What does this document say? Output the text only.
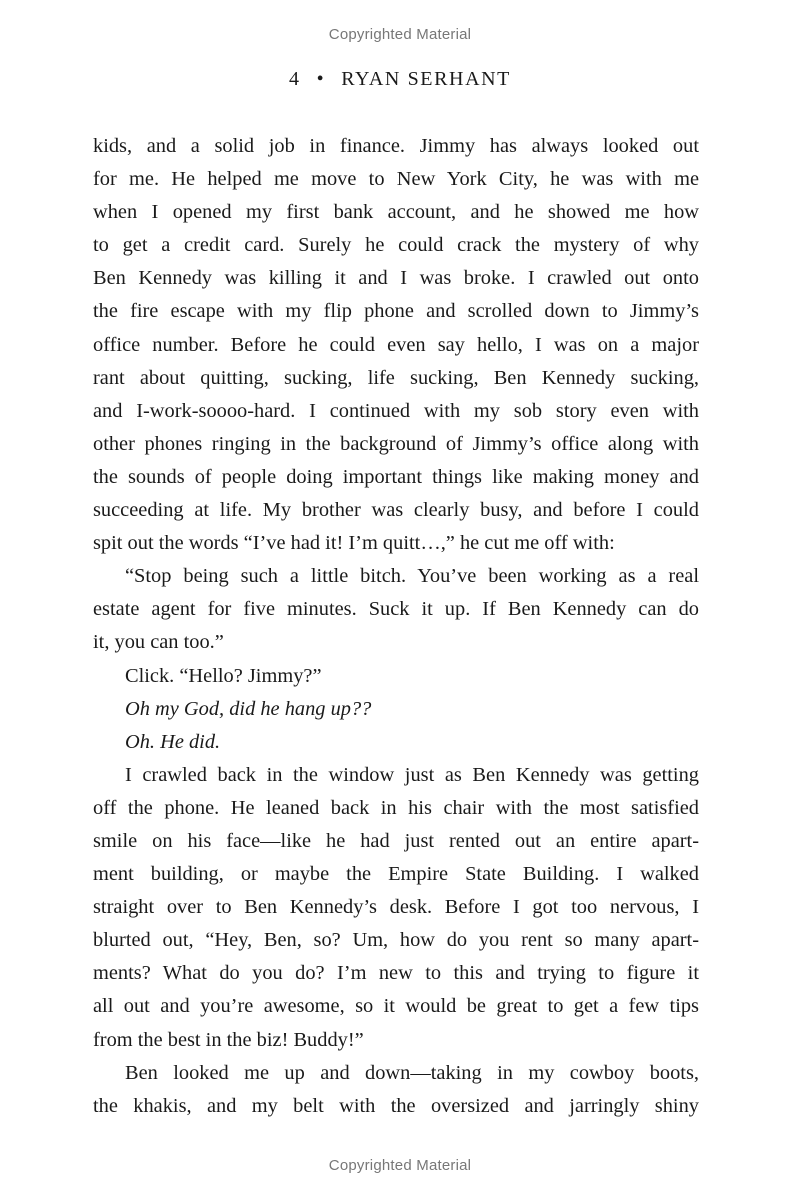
Copyrighted Material
4 • RYAN SERHANT
kids, and a solid job in finance. Jimmy has always looked out
for me. He helped me move to New York City, he was with me
when I opened my first bank account, and he showed me how
to get a credit card. Surely he could crack the mystery of why
Ben Kennedy was killing it and I was broke. I crawled out onto
the fire escape with my flip phone and scrolled down to Jimmy’s
office number. Before he could even say hello, I was on a major
rant about quitting, sucking, life sucking, Ben Kennedy sucking,
and I-work-soooo-hard. I continued with my sob story even with
other phones ringing in the background of Jimmy’s office along with
the sounds of people doing important things like making money and
succeeding at life. My brother was clearly busy, and before I could
spit out the words “I’ve had it! I’m quitt…,” he cut me off with:
“Stop being such a little bitch. You’ve been working as a real
estate agent for five minutes. Suck it up. If Ben Kennedy can do
it, you can too.”
Click. “Hello? Jimmy?”
Oh my God, did he hang up??
Oh. He did.
I crawled back in the window just as Ben Kennedy was getting
off the phone. He leaned back in his chair with the most satisfied
smile on his face—like he had just rented out an entire apart-
ment building, or maybe the Empire State Building. I walked
straight over to Ben Kennedy’s desk. Before I got too nervous, I
blurted out, “Hey, Ben, so? Um, how do you rent so many apart-
ments? What do you do? I’m new to this and trying to figure it
all out and you’re awesome, so it would be great to get a few tips
from the best in the biz! Buddy!”
Ben looked me up and down—taking in my cowboy boots,
the khakis, and my belt with the oversized and jarringly shiny
Copyrighted Material
